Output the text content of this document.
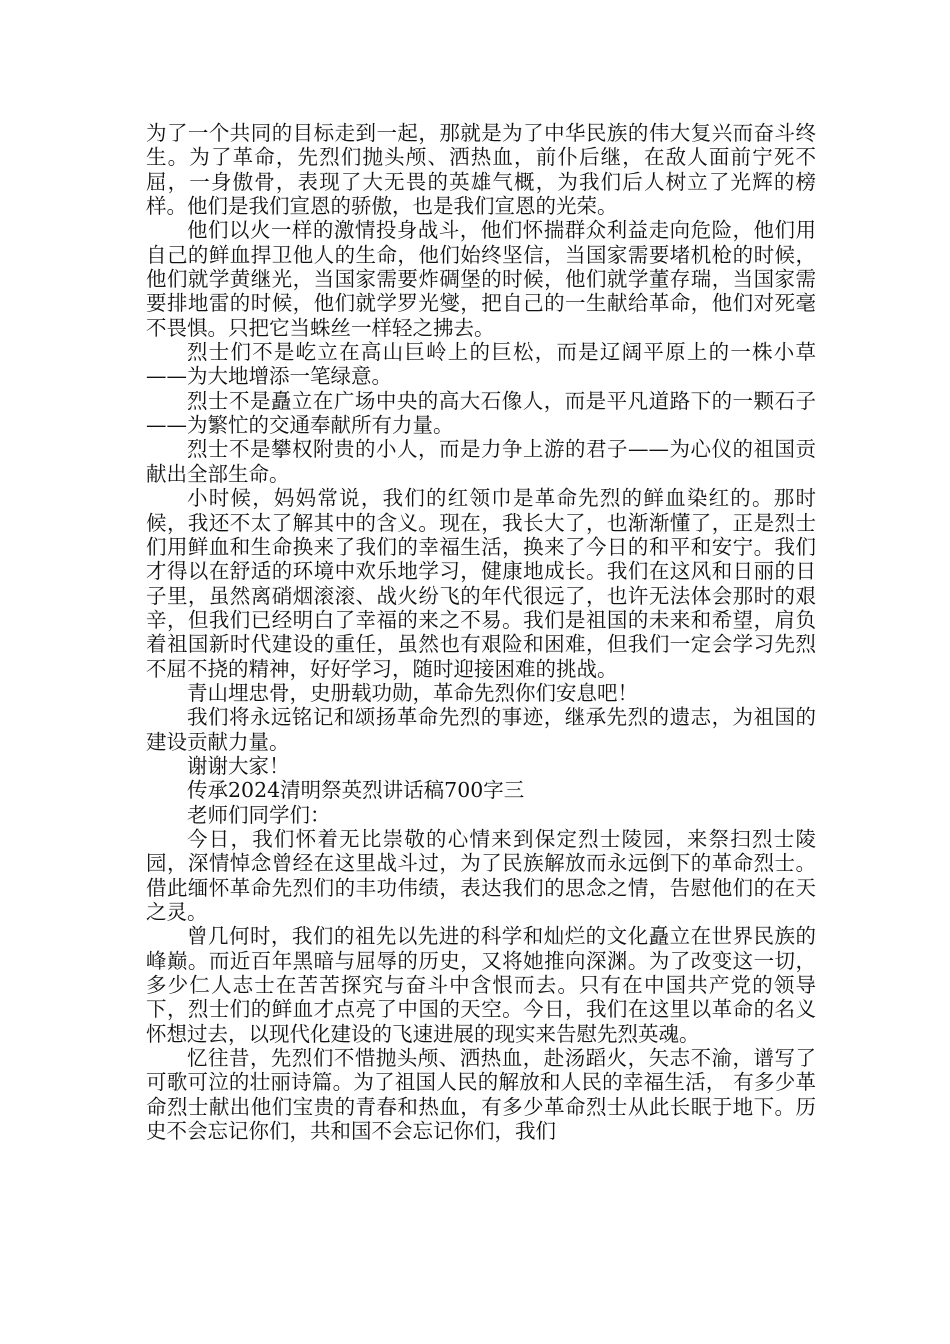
为了一个共同的目标走到一起，那就是为了中华民族的伟大复兴而奋斗终生。为了革命，先烈们抛头颅、洒热血，前仆后继，在敌人面前宁死不屈，一身傲骨，表现了大无畏的英雄气概，为我们后人树立了光辉的榜样。他们是我们宣恩的骄傲，也是我们宣恩的光荣。

他们以火一样的激情投身战斗，他们怀揣群众利益走向危险，他们用自己的鲜血捍卫他人的生命，他们始终坚信，当国家需要堵机枪的时候，他们就学黄继光，当国家需要炸碉堡的时候，他们就学董存瑞，当国家需要排地雷的时候，他们就学罗光燮，把自己的一生献给革命，他们对死毫不畏惧。只把它当蛛丝一样轻之拂去。

烈士们不是屹立在高山巨岭上的巨松，而是辽阔平原上的一株小草——为大地增添一笔绿意。

烈士不是矗立在广场中央的高大石像人，而是平凡道路下的一颗石子——为繁忙的交通奉献所有力量。

烈士不是攀权附贵的小人，而是力争上游的君子——为心仪的祖国贡献出全部生命。

小时候，妈妈常说，我们的红领巾是革命先烈的鲜血染红的。那时候，我还不太了解其中的含义。现在，我长大了，也渐渐懂了，正是烈士们用鲜血和生命换来了我们的幸福生活，换来了今日的和平和安宁。我们才得以在舒适的环境中欢乐地学习，健康地成长。我们在这风和日丽的日子里，虽然离硝烟滚滚、战火纷飞的年代很远了，也许无法体会那时的艰辛，但我们已经明白了幸福的来之不易。我们是祖国的未来和希望，肩负着祖国新时代建设的重任，虽然也有艰险和困难，但我们一定会学习先烈不屈不挠的精神，好好学习，随时迎接困难的挑战。

青山埋忠骨，史册载功勋，革命先烈你们安息吧！

我们将永远铭记和颂扬革命先烈的事迹，继承先烈的遗志，为祖国的建设贡献力量。

谢谢大家！

传承2024清明祭英烈讲话稿700字三

老师们同学们：

今日，我们怀着无比崇敬的心情来到保定烈士陵园，来祭扫烈士陵园，深情悼念曾经在这里战斗过，为了民族解放而永远倒下的革命烈士。借此缅怀革命先烈们的丰功伟绩，表达我们的思念之情，告慰他们的在天之灵。

曾几何时，我们的祖先以先进的科学和灿烂的文化矗立在世界民族的峰巅。而近百年黑暗与屈辱的历史，又将她推向深渊。为了改变这一切，多少仁人志士在苦苦探究与奋斗中含恨而去。只有在中国共产党的领导下，烈士们的鲜血才点亮了中国的天空。今日，我们在这里以革命的名义怀想过去，以现代化建设的飞速进展的现实来告慰先烈英魂。

忆往昔，先烈们不惜抛头颅、洒热血，赴汤蹈火，矢志不渝，谱写了可歌可泣的壮丽诗篇。为了祖国人民的解放和人民的幸福生活， 有多少革命烈士献出他们宝贵的青春和热血，有多少革命烈士从此长眠于地下。历史不会忘记你们，共和国不会忘记你们，我们
